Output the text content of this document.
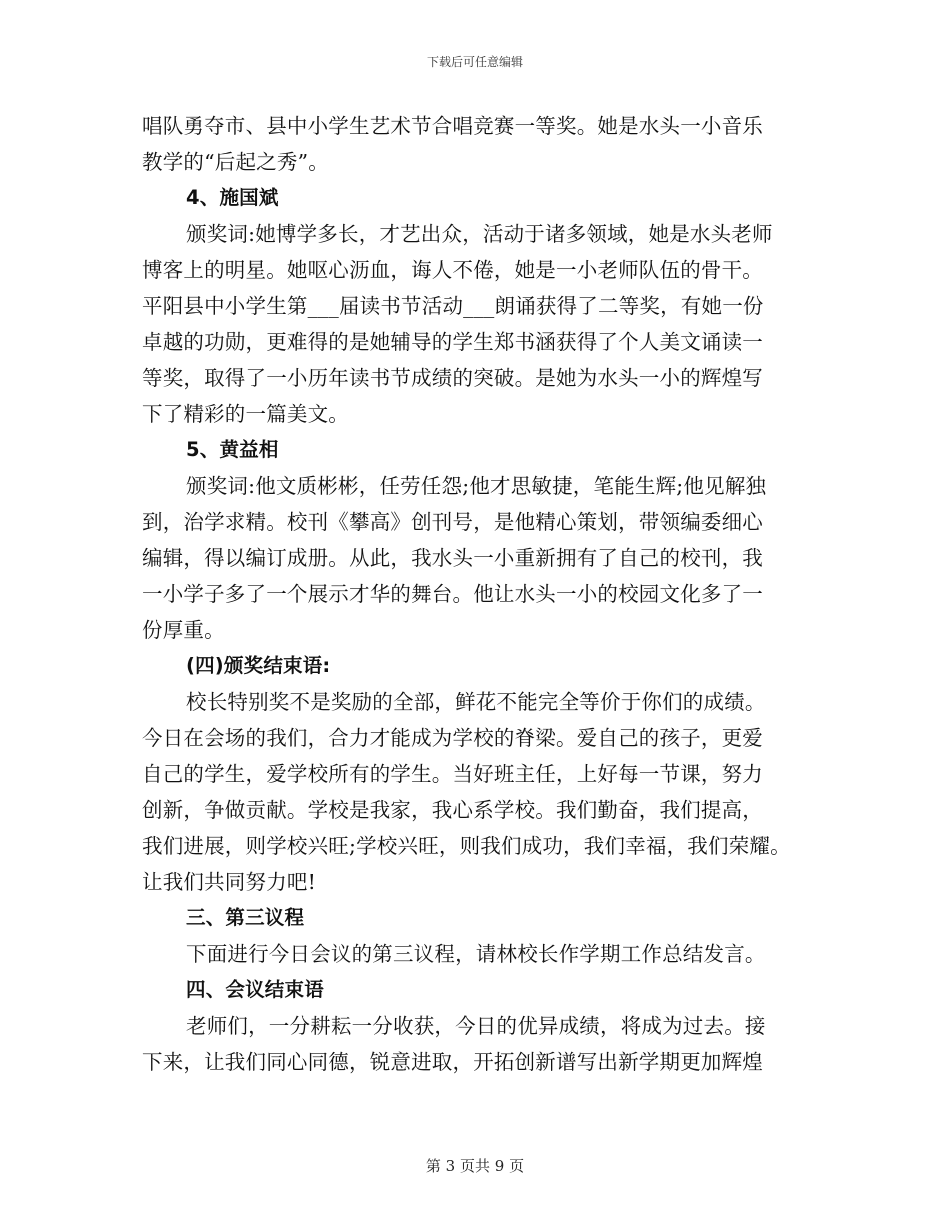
下载后可任意编辑
唱队勇夺市、县中小学生艺术节合唱竞赛一等奖。她是水头一小音乐
教学的“后起之秀”。
4、施国斌
颁奖词:她博学多长，才艺出众，活动于诸多领域，她是水头老师
博客上的明星。她呕心沥血，诲人不倦，她是一小老师队伍的骨干。
平阳县中小学生第___届读书节活动___朗诵获得了二等奖，有她一份
卓越的功勋，更难得的是她辅导的学生郑书涵获得了个人美文诵读一
等奖，取得了一小历年读书节成绩的突破。是她为水头一小的辉煌写
下了精彩的一篇美文。
5、黄益相
颁奖词:他文质彬彬，任劳任怨;他才思敏捷，笔能生辉;他见解独
到，治学求精。校刊《攀高》创刊号，是他精心策划，带领编委细心
编辑，得以编订成册。从此，我水头一小重新拥有了自己的校刊，我
一小学子多了一个展示才华的舞台。他让水头一小的校园文化多了一
份厚重。
(四)颁奖结束语:
校长特别奖不是奖励的全部，鲜花不能完全等价于你们的成绩。
今日在会场的我们，合力才能成为学校的脊梁。爱自己的孩子，更爱
自己的学生，爱学校所有的学生。当好班主任，上好每一节课，努力
创新，争做贡献。学校是我家，我心系学校。我们勤奋，我们提高，
我们进展，则学校兴旺;学校兴旺，则我们成功，我们幸福，我们荣耀。
让我们共同努力吧!
三、第三议程
下面进行今日会议的第三议程，请林校长作学期工作总结发言。
四、会议结束语
老师们，一分耕耘一分收获，今日的优异成绩，将成为过去。接
下来，让我们同心同德，锐意进取，开拓创新谱写出新学期更加辉煌
第 3 页共 9 页
